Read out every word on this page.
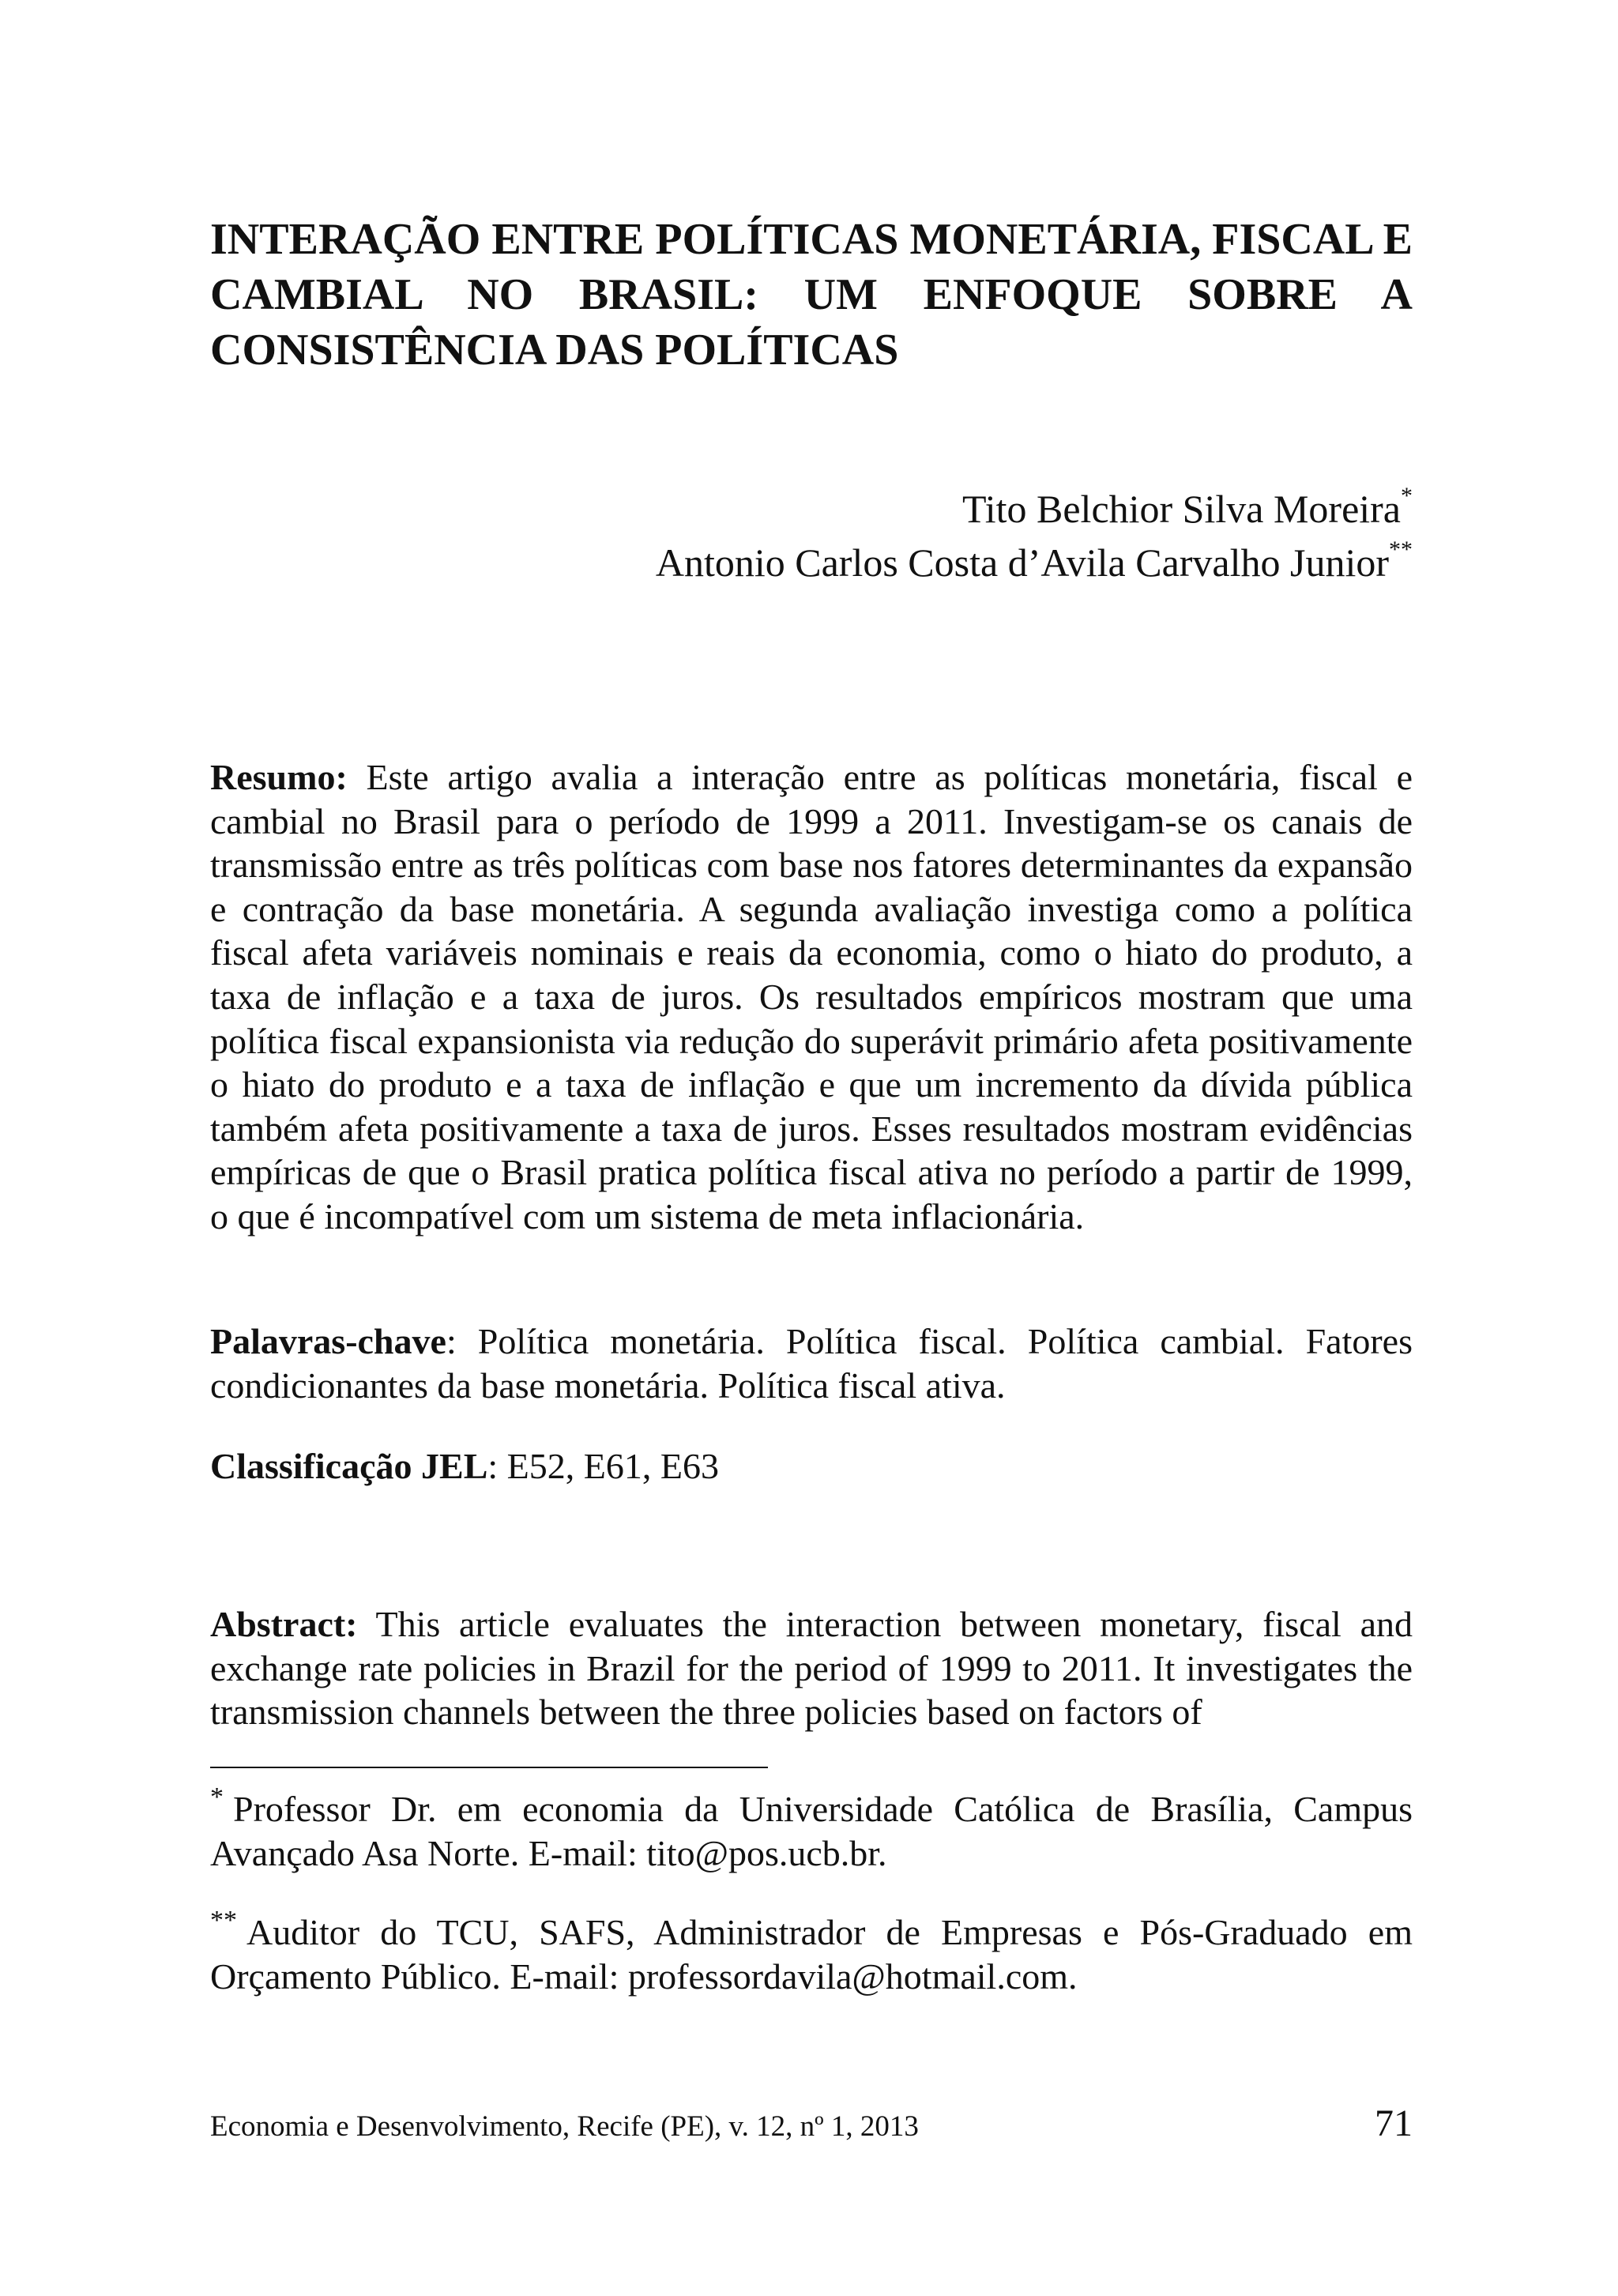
INTERAÇÃO ENTRE POLÍTICAS MONETÁRIA, FISCAL E CAMBIAL NO BRASIL: UM ENFOQUE SOBRE A CONSISTÊNCIA DAS POLÍTICAS
Tito Belchior Silva Moreira*
Antonio Carlos Costa d’Avila Carvalho Junior**

Resumo: Este artigo avalia a interação entre as políticas monetária, fiscal e cambial no Brasil para o período de 1999 a 2011. Investigam-se os canais de transmissão entre as três políticas com base nos fatores determinantes da expansão e contração da base monetária. A segunda avaliação investiga como a política fiscal afeta variáveis nominais e reais da economia, como o hiato do produto, a taxa de inflação e a taxa de juros. Os resultados empíricos mostram que uma política fiscal expansionista via redução do superávit primário afeta positivamente o hiato do produto e a taxa de inflação e que um incremento da dívida pública também afeta positivamente a taxa de juros. Esses resultados mostram evidências empíricas de que o Brasil pratica política fiscal ativa no período a partir de 1999, o que é incompatível com um sistema de meta inflacionária.

Palavras-chave: Política monetária. Política fiscal. Política cambial. Fatores condicionantes da base monetária. Política fiscal ativa.

Classificação JEL: E52, E61, E63

Abstract: This article evaluates the interaction between monetary, fiscal and exchange rate policies in Brazil for the period of 1999 to 2011. It investigates the transmission channels between the three policies based on factors of

* Professor Dr. em economia da Universidade Católica de Brasília, Campus Avançado Asa Norte. E-mail: tito@pos.ucb.br.

** Auditor do TCU, SAFS, Administrador de Empresas e Pós-Graduado em Orçamento Público. E-mail: professordavila@hotmail.com.

Economia e Desenvolvimento, Recife (PE), v. 12, nº 1, 2013	71
